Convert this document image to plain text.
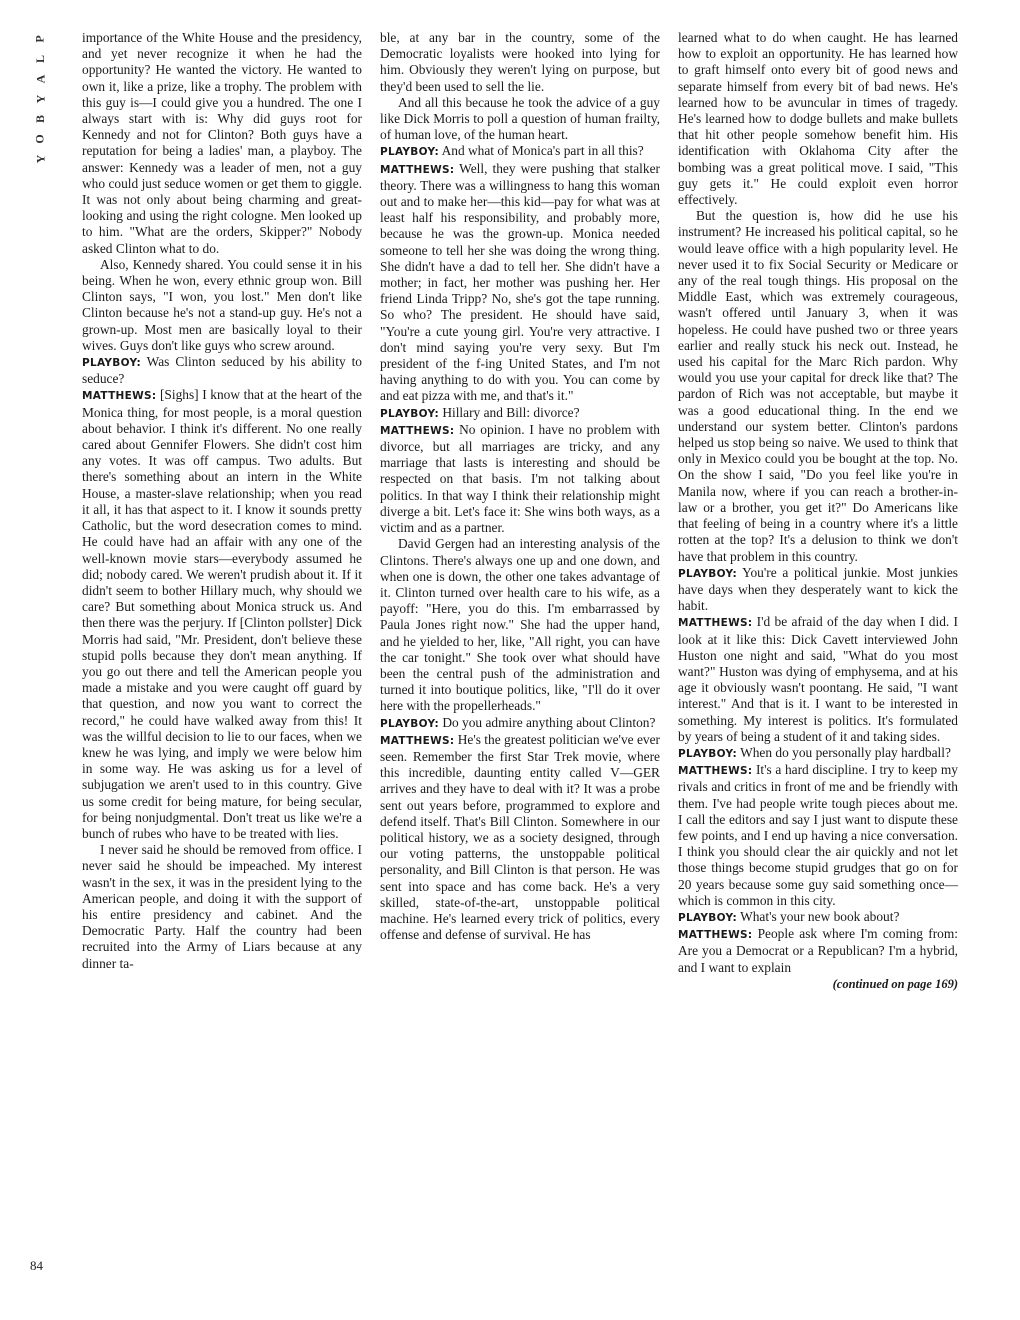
P
L
A
Y
B
O
Y

importance of the White House and the presidency, and yet never recognize it when he had the opportunity? He wanted the victory. He wanted to own it, like a prize, like a trophy. The problem with this guy is—I could give you a hundred. The one I always start with is: Why did guys root for Kennedy and not for Clinton? Both guys have a reputation for being a ladies' man, a playboy. The answer: Kennedy was a leader of men, not a guy who could just seduce women or get them to giggle. It was not only about being charming and great-looking and using the right cologne. Men looked up to him. "What are the orders, Skipper?" Nobody asked Clinton what to do.

Also, Kennedy shared. You could sense it in his being. When he won, every ethnic group won. Bill Clinton says, "I won, you lost." Men don't like Clinton because he's not a stand-up guy. He's not a grown-up. Most men are basically loyal to their wives. Guys don't like guys who screw around.

PLAYBOY: Was Clinton seduced by his ability to seduce?

MATTHEWS: [Sighs] I know that at the heart of the Monica thing, for most people, is a moral question about behavior. I think it's different. No one really cared about Gennifer Flowers. She didn't cost him any votes. It was off campus. Two adults. But there's something about an intern in the White House, a master-slave relationship; when you read it all, it has that aspect to it. I know it sounds pretty Catholic, but the word desecration comes to mind. He could have had an affair with any one of the well-known movie stars—everybody assumed he did; nobody cared. We weren't prudish about it. If it didn't seem to bother Hillary much, why should we care? But something about Monica struck us. And then there was the perjury. If [Clinton pollster] Dick Morris had said, "Mr. President, don't believe these stupid polls because they don't mean anything. If you go out there and tell the American people you made a mistake and you were caught off guard by that question, and now you want to correct the record," he could have walked away from this! It was the willful decision to lie to our faces, when we knew he was lying, and imply we were below him in some way. He was asking us for a level of subjugation we aren't used to in this country. Give us some credit for being mature, for being secular, for being nonjudgmental. Don't treat us like we're a bunch of rubes who have to be treated with lies.

I never said he should be removed from office. I never said he should be impeached. My interest wasn't in the sex, it was in the president lying to the American people, and doing it with the support of his entire presidency and cabinet. And the Democratic Party. Half the country had been recruited into the Army of Liars because at any dinner ta-

ble, at any bar in the country, some of the Democratic loyalists were hooked into lying for him. Obviously they weren't lying on purpose, but they'd been used to sell the lie.

And all this because he took the advice of a guy like Dick Morris to poll a question of human frailty, of human love, of the human heart.

PLAYBOY: And what of Monica's part in all this?

MATTHEWS: Well, they were pushing that stalker theory. There was a willingness to hang this woman out and to make her—this kid—pay for what was at least half his responsibility, and probably more, because he was the grown-up. Monica needed someone to tell her she was doing the wrong thing. She didn't have a dad to tell her. She didn't have a mother; in fact, her mother was pushing her. Her friend Linda Tripp? No, she's got the tape running. So who? The president. He should have said, "You're a cute young girl. You're very attractive. I don't mind saying you're very sexy. But I'm president of the f-ing United States, and I'm not having anything to do with you. You can come by and eat pizza with me, and that's it."

PLAYBOY: Hillary and Bill: divorce?

MATTHEWS: No opinion. I have no problem with divorce, but all marriages are tricky, and any marriage that lasts is interesting and should be respected on that basis. I'm not talking about politics. In that way I think their relationship might diverge a bit. Let's face it: She wins both ways, as a victim and as a partner.

David Gergen had an interesting analysis of the Clintons. There's always one up and one down, and when one is down, the other one takes advantage of it. Clinton turned over health care to his wife, as a payoff: "Here, you do this. I'm embarrassed by Paula Jones right now." She had the upper hand, and he yielded to her, like, "All right, you can have the car tonight." She took over what should have been the central push of the administration and turned it into boutique politics, like, "I'll do it over here with the propellerheads."

PLAYBOY: Do you admire anything about Clinton?

MATTHEWS: He's the greatest politician we've ever seen. Remember the first Star Trek movie, where this incredible, daunting entity called V—GER arrives and they have to deal with it? It was a probe sent out years before, programmed to explore and defend itself. That's Bill Clinton. Somewhere in our political history, we as a society designed, through our voting patterns, the unstoppable political personality, and Bill Clinton is that person. He was sent into space and has come back. He's a very skilled, state-of-the-art, unstoppable political machine. He's learned every trick of politics, every offense and defense of survival. He has

learned what to do when caught. He has learned how to exploit an opportunity. He has learned how to graft himself onto every bit of good news and separate himself from every bit of bad news. He's learned how to be avuncular in times of tragedy. He's learned how to dodge bullets and make bullets that hit other people somehow benefit him. His identification with Oklahoma City after the bombing was a great political move. I said, "This guy gets it." He could exploit even horror effectively.

But the question is, how did he use his instrument? He increased his political capital, so he would leave office with a high popularity level. He never used it to fix Social Security or Medicare or any of the real tough things. His proposal on the Middle East, which was extremely courageous, wasn't offered until January 3, when it was hopeless. He could have pushed two or three years earlier and really stuck his neck out. Instead, he used his capital for the Marc Rich pardon. Why would you use your capital for dreck like that? The pardon of Rich was not acceptable, but maybe it was a good educational thing. In the end we understand our system better. Clinton's pardons helped us stop being so naive. We used to think that only in Mexico could you be bought at the top. No. On the show I said, "Do you feel like you're in Manila now, where if you can reach a brother-in-law or a brother, you get it?" Do Americans like that feeling of being in a country where it's a little rotten at the top? It's a delusion to think we don't have that problem in this country.

PLAYBOY: You're a political junkie. Most junkies have days when they desperately want to kick the habit.

MATTHEWS: I'd be afraid of the day when I did. I look at it like this: Dick Cavett interviewed John Huston one night and said, "What do you most want?" Huston was dying of emphysema, and at his age it obviously wasn't poontang. He said, "I want interest." And that is it. I want to be interested in something. My interest is politics. It's formulated by years of being a student of it and taking sides.

PLAYBOY: When do you personally play hardball?

MATTHEWS: It's a hard discipline. I try to keep my rivals and critics in front of me and be friendly with them. I've had people write tough pieces about me. I call the editors and say I just want to dispute these few points, and I end up having a nice conversation. I think you should clear the air quickly and not let those things become stupid grudges that go on for 20 years because some guy said something once—which is common in this city.

PLAYBOY: What's your new book about?

MATTHEWS: People ask where I'm coming from: Are you a Democrat or a Republican? I'm a hybrid, and I want to explain

(continued on page 169)

84
